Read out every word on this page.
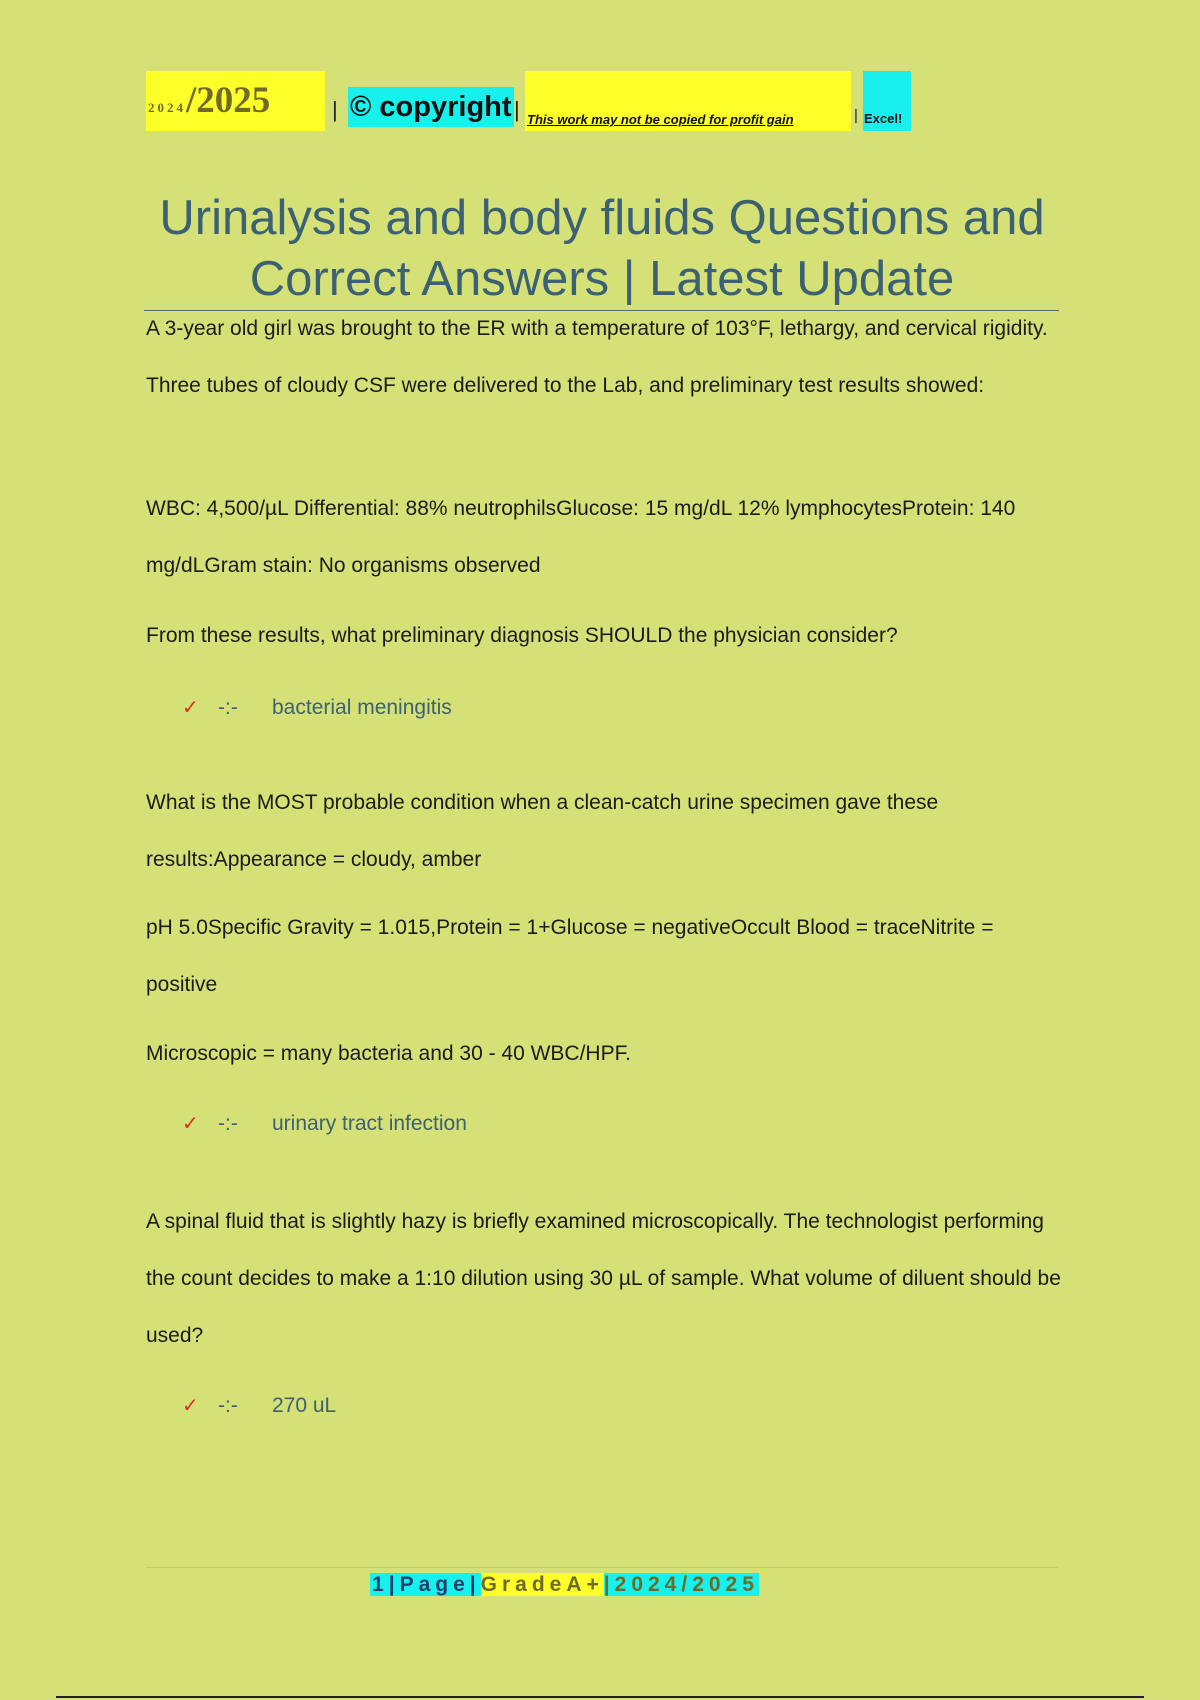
2024/2025	| © copyright | This work may not be copied for profit gain	| Excel!
Urinalysis and body fluids Questions and
Correct Answers | Latest Update

A 3-year old girl was brought to the ER with a temperature of 103°F, lethargy, and cervical rigidity. Three tubes of cloudy CSF were delivered to the Lab, and preliminary test results showed:

WBC: 4,500/µL Differential: 88% neutrophilsGlucose: 15 mg/dL 12% lymphocytesProtein: 140 mg/dLGram stain: No organisms observed

From these results, what preliminary diagnosis SHOULD the physician consider?

✓ -:- bacterial meningitis

What is the MOST probable condition when a clean-catch urine specimen gave these results:Appearance = cloudy, amber

pH 5.0Specific Gravity = 1.015,Protein = 1+Glucose = negativeOccult Blood = traceNitrite = positive

Microscopic = many bacteria and 30 - 40 WBC/HPF.

✓ -:- urinary tract infection

A spinal fluid that is slightly hazy is briefly examined microscopically. The technologist performing the count decides to make a 1:10 dilution using 30 µL of sample. What volume of diluent should be used?

✓ -:- 270 uL
1|Page|GradeA+|2024/2025
